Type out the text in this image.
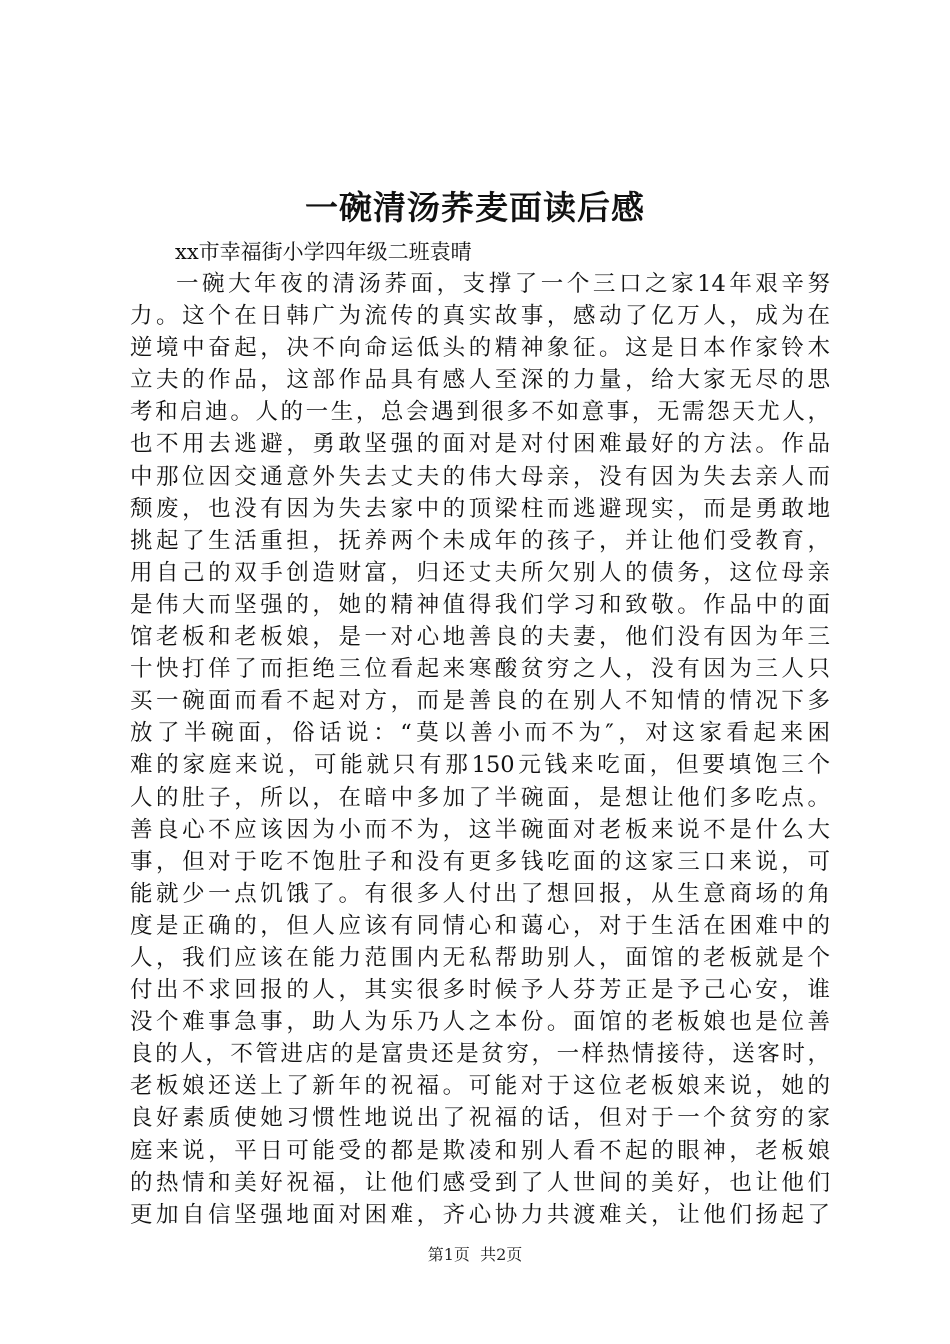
一碗清汤荞麦面读后感

xx市幸福街小学四年级二班袁晴

一碗大年夜的清汤荞面，支撑了一个三口之家14年艰辛努
力。这个在日韩广为流传的真实故事，感动了亿万人，成为在
逆境中奋起，决不向命运低头的精神象征。这是日本作家铃木
立夫的作品，这部作品具有感人至深的力量，给大家无尽的思
考和启迪。人的一生，总会遇到很多不如意事，无需怨天尤人，
也不用去逃避，勇敢坚强的面对是对付困难最好的方法。作品
中那位因交通意外失去丈夫的伟大母亲，没有因为失去亲人而
颓废，也没有因为失去家中的顶梁柱而逃避现实，而是勇敢地
挑起了生活重担，抚养两个未成年的孩子，并让他们受教育，
用自己的双手创造财富，归还丈夫所欠别人的债务，这位母亲
是伟大而坚强的，她的精神值得我们学习和致敬。作品中的面
馆老板和老板娘，是一对心地善良的夫妻，他们没有因为年三
十快打佯了而拒绝三位看起来寒酸贫穷之人，没有因为三人只
买一碗面而看不起对方，而是善良的在别人不知情的情况下多
放了半碗面，俗话说：“莫以善小而不为″，对这家看起来困
难的家庭来说，可能就只有那150元钱来吃面，但要填饱三个
人的肚子，所以，在暗中多加了半碗面，是想让他们多吃点。
善良心不应该因为小而不为，这半碗面对老板来说不是什么大
事，但对于吃不饱肚子和没有更多钱吃面的这家三口来说，可
能就少一点饥饿了。有很多人付出了想回报，从生意商场的角
度是正确的，但人应该有同情心和蔼心，对于生活在困难中的
人，我们应该在能力范围内无私帮助别人，面馆的老板就是个
付出不求回报的人，其实很多时候予人芬芳正是予己心安，谁
没个难事急事，助人为乐乃人之本份。面馆的老板娘也是位善
良的人，不管进店的是富贵还是贫穷，一样热情接待，送客时，
老板娘还送上了新年的祝福。可能对于这位老板娘来说，她的
良好素质使她习惯性地说出了祝福的话，但对于一个贫穷的家
庭来说，平日可能受的都是欺凌和别人看不起的眼神，老板娘
的热情和美好祝福，让他们感受到了人世间的美好，也让他们
更加自信坚强地面对困难，齐心协力共渡难关，让他们扬起了
第1页 共2页
